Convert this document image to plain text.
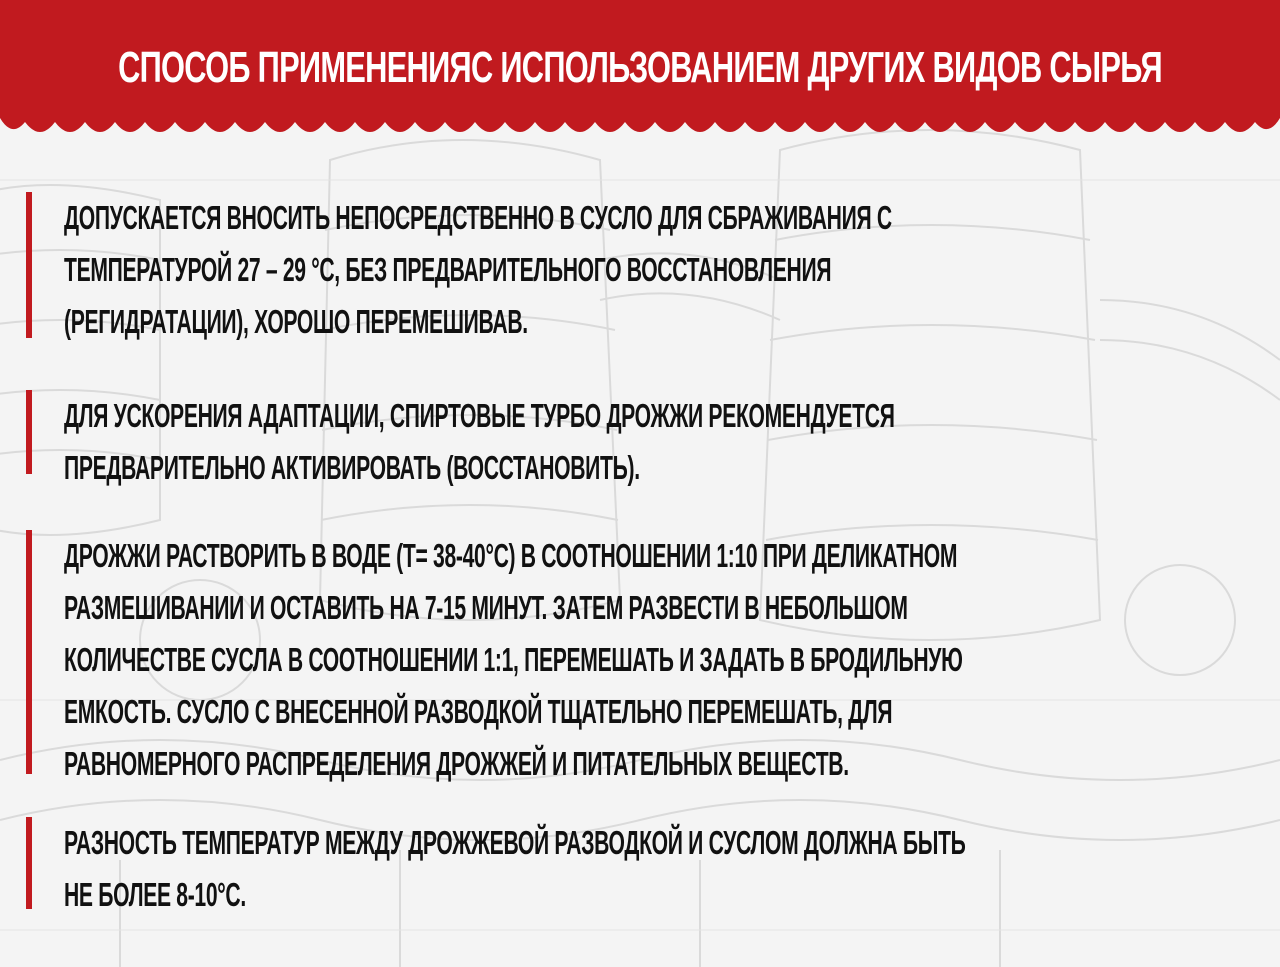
СПОСОБ ПРИМЕНЕНИЯС ИСПОЛЬЗОВАНИЕМ ДРУГИХ ВИДОВ СЫРЬЯ
ДОПУСКАЕТСЯ ВНОСИТЬ НЕПОСРЕДСТВЕННО В СУСЛО ДЛЯ СБРАЖИВАНИЯ С
ТЕМПЕРАТУРОЙ 27 – 29 °С, БЕЗ ПРЕДВАРИТЕЛЬНОГО ВОССТАНОВЛЕНИЯ
(РЕГИДРАТАЦИИ), ХОРОШО ПЕРЕМЕШИВАВ.
ДЛЯ УСКОРЕНИЯ АДАПТАЦИИ, СПИРТОВЫЕ ТУРБО ДРОЖЖИ РЕКОМЕНДУЕТСЯ
ПРЕДВАРИТЕЛЬНО АКТИВИРОВАТЬ (ВОССТАНОВИТЬ).
ДРОЖЖИ РАСТВОРИТЬ В ВОДЕ (Т= 38-40°С) В СООТНОШЕНИИ 1:10 ПРИ ДЕЛИКАТНОМ
РАЗМЕШИВАНИИ И ОСТАВИТЬ НА 7-15 МИНУТ. ЗАТЕМ РАЗВЕСТИ В НЕБОЛЬШОМ
КОЛИЧЕСТВЕ СУСЛА В СООТНОШЕНИИ 1:1, ПЕРЕМЕШАТЬ И ЗАДАТЬ В БРОДИЛЬНУЮ
ЕМКОСТЬ. СУСЛО С ВНЕСЕННОЙ РАЗВОДКОЙ ТЩАТЕЛЬНО ПЕРЕМЕШАТЬ, ДЛЯ
РАВНОМЕРНОГО РАСПРЕДЕЛЕНИЯ ДРОЖЖЕЙ И ПИТАТЕЛЬНЫХ ВЕЩЕСТВ.
РАЗНОСТЬ ТЕМПЕРАТУР МЕЖДУ ДРОЖЖЕВОЙ РАЗВОДКОЙ И СУСЛОМ ДОЛЖНА БЫТЬ
НЕ БОЛЕЕ 8-10°С.
